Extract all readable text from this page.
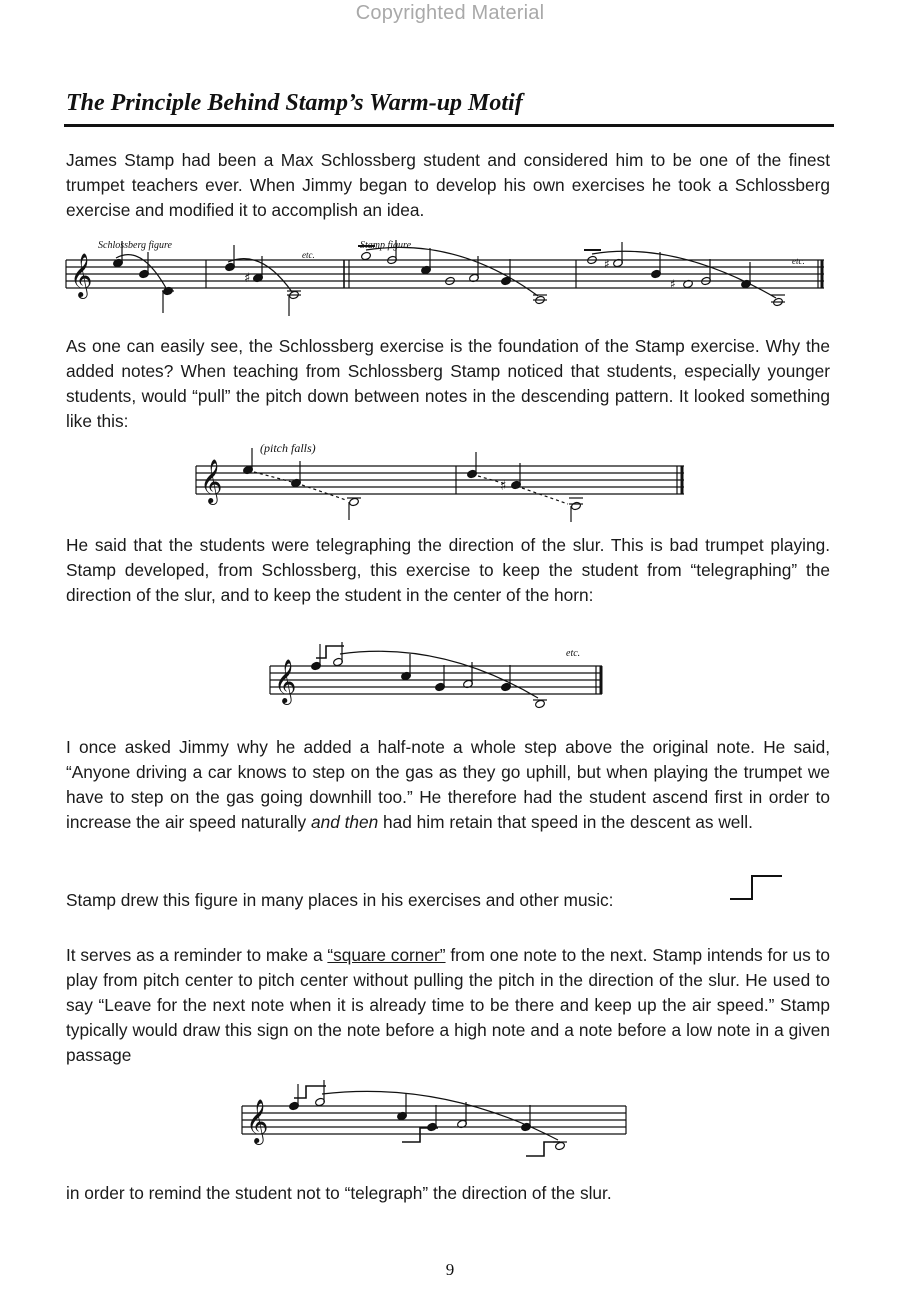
Copyrighted Material
The Principle Behind Stamp’s Warm-up Motif
James Stamp had been a Max Schlossberg student and considered him to be one of the finest trumpet teachers ever. When Jimmy began to develop his own exercises he took a Schlossberg exercise and modified it to accomplish an idea.
𝄞
Schlossberg figure	Stamp figure
etc.
etc.
♯
♯
♯
As one can easily see, the Schlossberg exercise is the foundation of the Stamp exercise. Why the added notes? When teaching from Schlossberg Stamp noticed that students, especially younger students, would “pull” the pitch down between notes in the descending pattern. It looked something like this:
𝄞
(pitch falls)
♯
He said that the students were telegraphing the direction of the slur. This is bad trumpet playing. Stamp developed, from Schlossberg, this exercise to keep the student from “telegraphing” the direction of the slur, and to keep the student in the center of the horn:
𝄞
etc.
I once asked Jimmy why he added a half-note a whole step above the original note. He said, “Anyone driving a car knows to step on the gas as they go uphill, but when playing the trumpet we have to step on the gas going downhill too.” He therefore had the student ascend first in order to increase the air speed naturally and then had him retain that speed in the descent as well.
Stamp drew this figure in many places in his exercises and other music:
It serves as a reminder to make a “square corner” from one note to the next. Stamp intends for us to play from pitch center to pitch center without pulling the pitch in the direction of the slur. He used to say “Leave for the next note when it is already time to be there and keep up the air speed.” Stamp typically would draw this sign on the note before a high note and a note before a low note in a given passage
𝄞
in order to remind the student not to “telegraph” the direction of the slur.
9
